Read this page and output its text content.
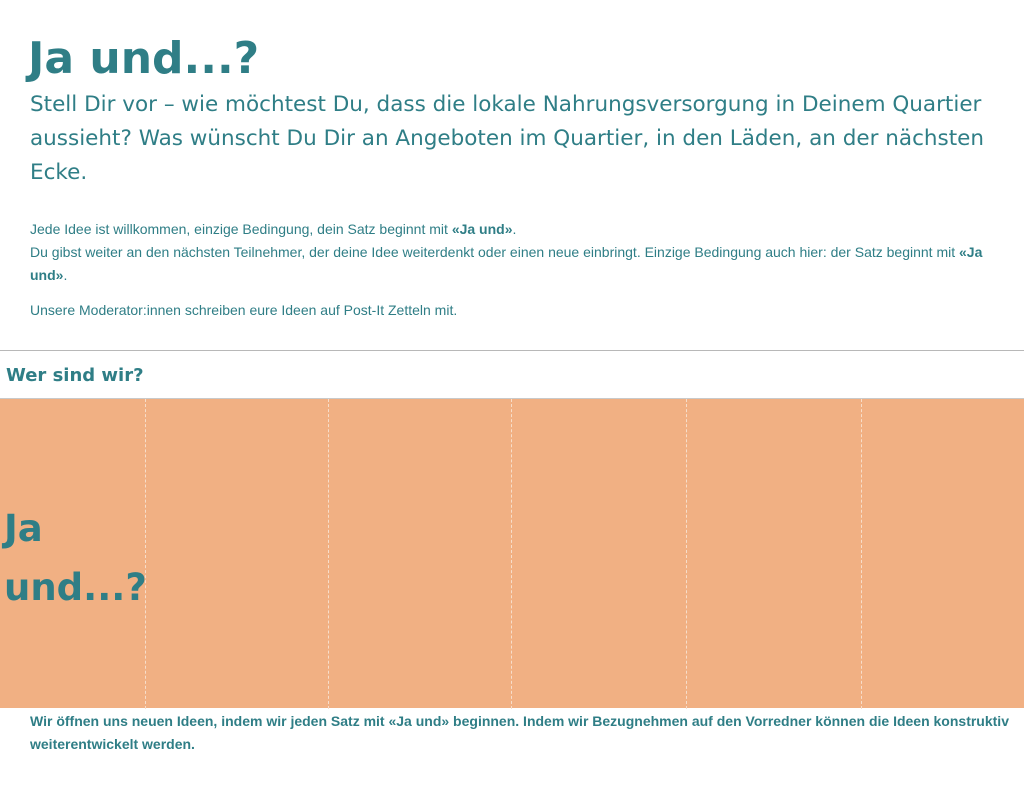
Ja und...?

Stell Dir vor – wie möchtest Du, dass die lokale Nahrungsversorgung in Deinem Quartier aussieht? Was wünscht Du Dir an Angeboten im Quartier, in den Läden, an der nächsten Ecke.

Jede Idee ist willkommen, einzige Bedingung, dein Satz beginnt mit «Ja und».

Du gibst weiter an den nächsten Teilnehmer, der deine Idee weiterdenkt oder einen neue einbringt. Einzige Bedingung auch hier: der Satz beginnt mit «Ja und».

Unsere Moderator:innen schreiben eure Ideen auf Post-It Zetteln mit.

Wer sind wir?
Ja
und...?

Wir öffnen uns neuen Ideen, indem wir jeden Satz mit «Ja und» beginnen. Indem wir Bezugnehmen auf den Vorredner können die Ideen konstruktiv weiterentwickelt werden.
